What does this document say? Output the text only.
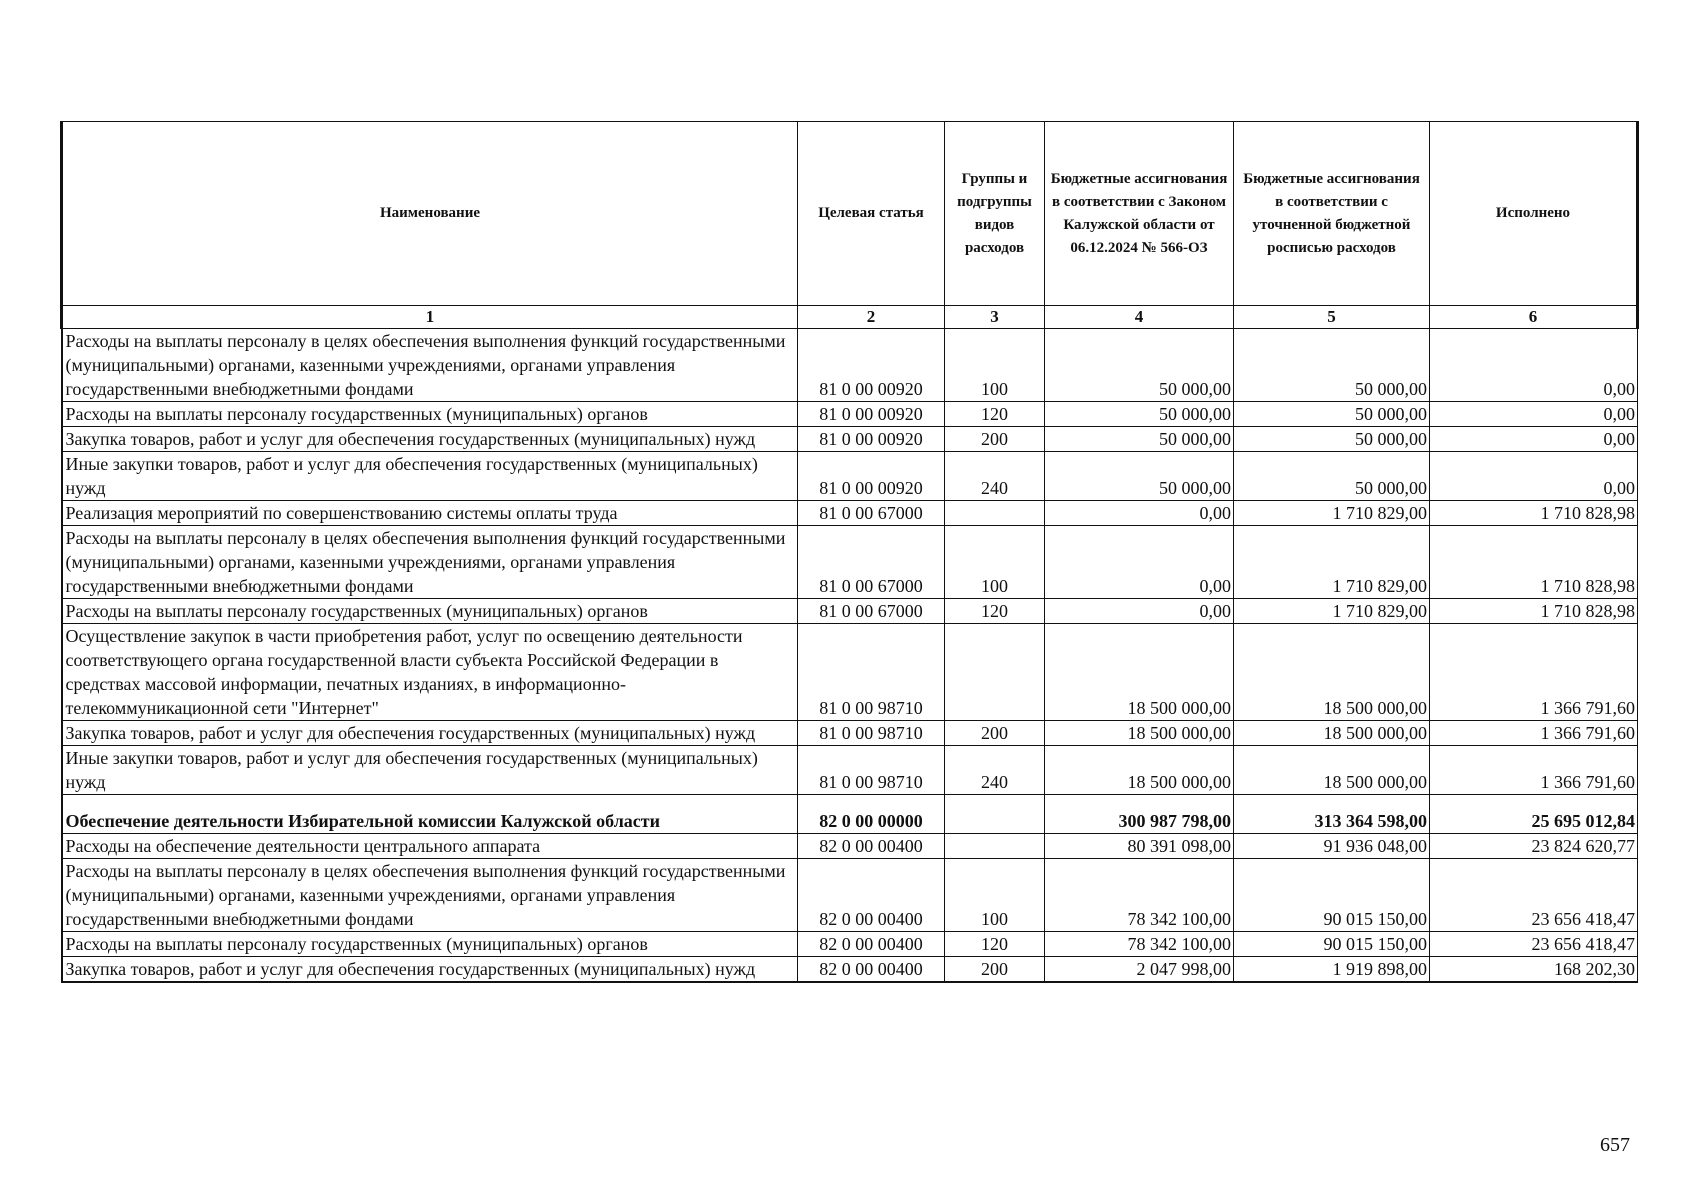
Наименование	Целевая статья	Группы и подгруппы видов расходов	Бюджетные ассигнования в соответствии с Законом Калужской области от 06.12.2024 № 566-ОЗ	Бюджетные ассигнования в соответствии с уточненной бюджетной росписью расходов	Исполнено
1	2	3	4	5	6
Расходы на выплаты персоналу в целях обеспечения выполнения функций государственными (муниципальными) органами, казенными учреждениями, органами управления государственными внебюджетными фондами	81 0 00 00920	100	50 000,00	50 000,00	0,00
Расходы на выплаты персоналу государственных (муниципальных) органов	81 0 00 00920	120	50 000,00	50 000,00	0,00
Закупка товаров, работ и услуг для обеспечения государственных (муниципальных) нужд	81 0 00 00920	200	50 000,00	50 000,00	0,00
Иные закупки товаров, работ и услуг для обеспечения государственных (муниципальных) нужд	81 0 00 00920	240	50 000,00	50 000,00	0,00
Реализация мероприятий по совершенствованию системы оплаты труда	81 0 00 67000		0,00	1 710 829,00	1 710 828,98
Расходы на выплаты персоналу в целях обеспечения выполнения функций государственными (муниципальными) органами, казенными учреждениями, органами управления государственными внебюджетными фондами	81 0 00 67000	100	0,00	1 710 829,00	1 710 828,98
Расходы на выплаты персоналу государственных (муниципальных) органов	81 0 00 67000	120	0,00	1 710 829,00	1 710 828,98
Осуществление закупок в части приобретения работ, услуг по освещению деятельности соответствующего органа государственной власти субъекта Российской Федерации в средствах массовой информации, печатных изданиях, в информационно-телекоммуникационной сети "Интернет"	81 0 00 98710		18 500 000,00	18 500 000,00	1 366 791,60
Закупка товаров, работ и услуг для обеспечения государственных (муниципальных) нужд	81 0 00 98710	200	18 500 000,00	18 500 000,00	1 366 791,60
Иные закупки товаров, работ и услуг для обеспечения государственных (муниципальных) нужд	81 0 00 98710	240	18 500 000,00	18 500 000,00	1 366 791,60
Обеспечение деятельности Избирательной комиссии Калужской области	82 0 00 00000		300 987 798,00	313 364 598,00	25 695 012,84
Расходы на обеспечение деятельности центрального аппарата	82 0 00 00400		80 391 098,00	91 936 048,00	23 824 620,77
Расходы на выплаты персоналу в целях обеспечения выполнения функций государственными (муниципальными) органами, казенными учреждениями, органами управления государственными внебюджетными фондами	82 0 00 00400	100	78 342 100,00	90 015 150,00	23 656 418,47
Расходы на выплаты персоналу государственных (муниципальных) органов	82 0 00 00400	120	78 342 100,00	90 015 150,00	23 656 418,47
Закупка товаров, работ и услуг для обеспечения государственных (муниципальных) нужд	82 0 00 00400	200	2 047 998,00	1 919 898,00	168 202,30
657
